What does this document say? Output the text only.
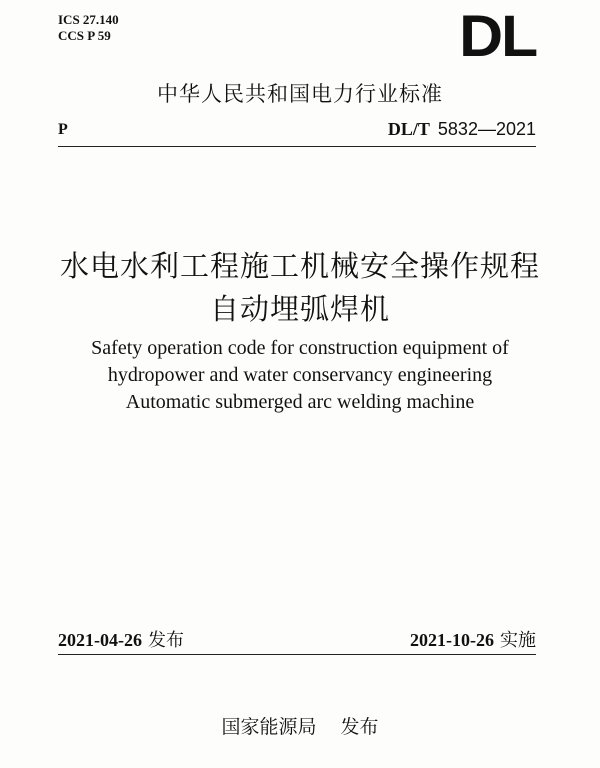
ICS 27.140
CCS P 59	DL
中华人民共和国电力行业标准
P	DL/T 5832—2021
水电水利工程施工机械安全操作规程
自动埋弧焊机
Safety operation code for construction equipment of
hydropower and water conservancy engineering
Automatic submerged arc welding machine
2021-04-26 发布	2021-10-26 实施
国家能源局 发布
